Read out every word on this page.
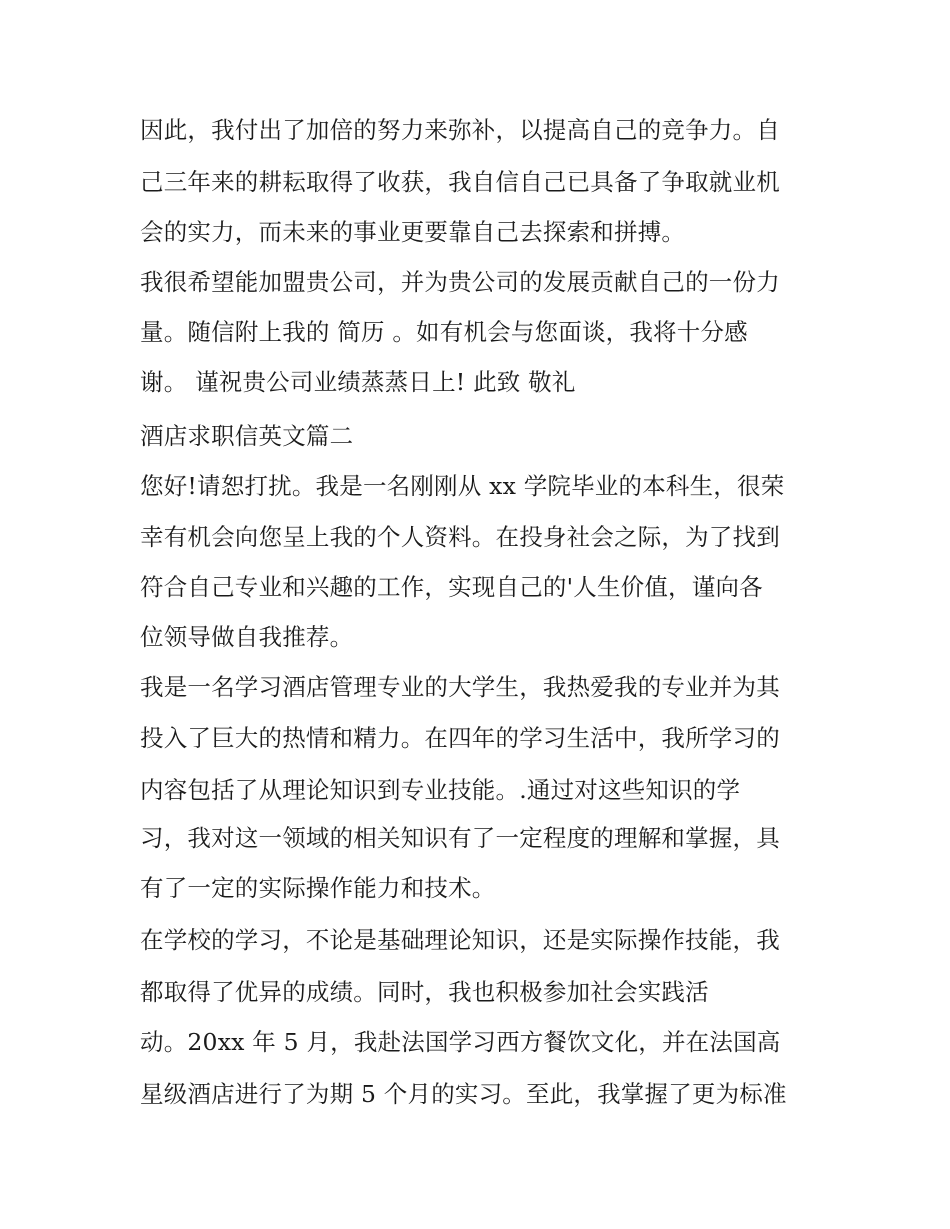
因此，我付出了加倍的努力来弥补，以提高自己的竞争力。自
己三年来的耕耘取得了收获，我自信自己已具备了争取就业机
会的实力，而未来的事业更要靠自己去探索和拼搏。
我很希望能加盟贵公司，并为贵公司的发展贡献自己的一份力
量。随信附上我的 简历 。如有机会与您面谈，我将十分感
谢。 谨祝贵公司业绩蒸蒸日上! 此致 敬礼
酒店求职信英文篇二
您好!请恕打扰。我是一名刚刚从 xx 学院毕业的本科生，很荣
幸有机会向您呈上我的个人资料。在投身社会之际，为了找到
符合自己专业和兴趣的工作，实现自己的'人生价值，谨向各
位领导做自我推荐。
我是一名学习酒店管理专业的大学生，我热爱我的专业并为其
投入了巨大的热情和精力。在四年的学习生活中，我所学习的
内容包括了从理论知识到专业技能。.通过对这些知识的学
习，我对这一领域的相关知识有了一定程度的理解和掌握，具
有了一定的实际操作能力和技术。
在学校的学习，不论是基础理论知识，还是实际操作技能，我
都取得了优异的成绩。同时，我也积极参加社会实践活
动。20xx 年 5 月，我赴法国学习西方餐饮文化，并在法国高
星级酒店进行了为期 5 个月的实习。至此，我掌握了更为标准
